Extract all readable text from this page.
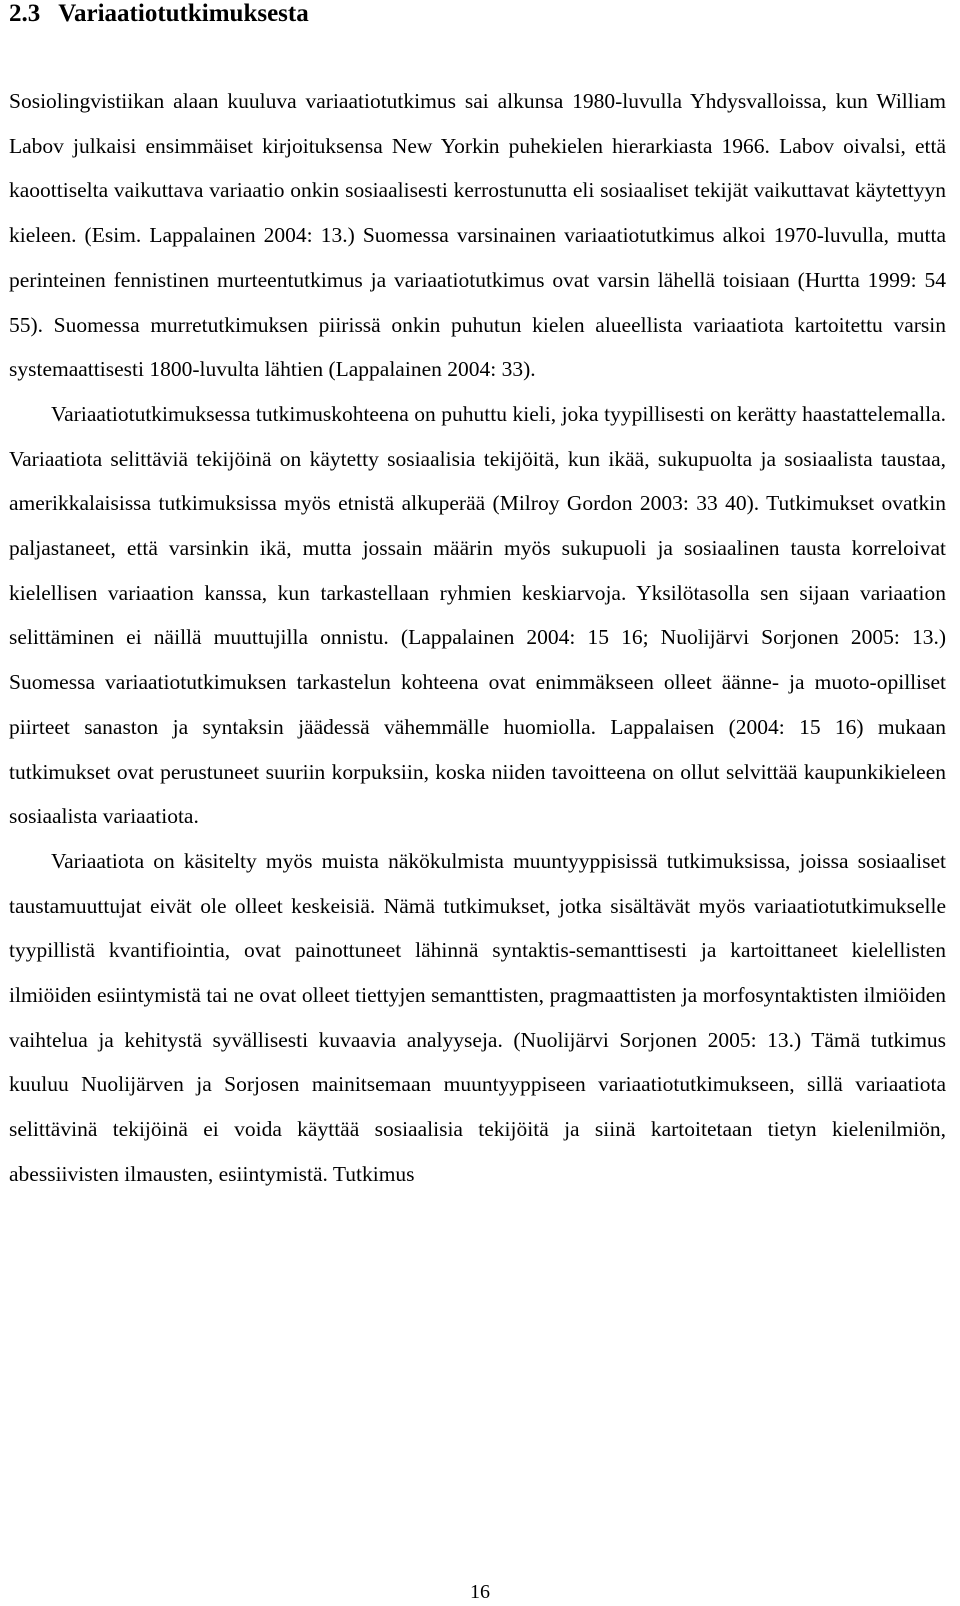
2.3 Variaatiotutkimuksesta

Sosiolingvistiikan alaan kuuluva variaatiotutkimus sai alkunsa 1980-luvulla Yhdysvalloissa, kun William Labov julkaisi ensimmäiset kirjoituksensa New Yorkin puhekielen hierarkiasta 1966. Labov oivalsi, että kaoottiselta vaikuttava variaatio onkin sosiaalisesti kerrostunutta eli sosiaaliset tekijät vaikuttavat käytettyyn kieleen. (Esim. Lappalainen 2004: 13.) Suomessa varsinainen variaatiotutkimus alkoi 1970-luvulla, mutta perinteinen fennistinen murteentutkimus ja variaatiotutkimus ovat varsin lähellä toisiaan (Hurtta 1999: 54 55). Suomessa murretutkimuksen piirissä onkin puhutun kielen alueellista variaatiota kartoitettu varsin systemaattisesti 1800-luvulta lähtien (Lappalainen 2004: 33).

Variaatiotutkimuksessa tutkimuskohteena on puhuttu kieli, joka tyypillisesti on kerätty haastattelemalla. Variaatiota selittäviä tekijöinä on käytetty sosiaalisia tekijöitä, kun ikää, sukupuolta ja sosiaalista taustaa, amerikkalaisissa tutkimuksissa myös etnistä alkuperää (Milroy Gordon 2003: 33 40). Tutkimukset ovatkin paljastaneet, että varsinkin ikä, mutta jossain määrin myös sukupuoli ja sosiaalinen tausta korreloivat kielellisen variaation kanssa, kun tarkastellaan ryhmien keskiarvoja. Yksilötasolla sen sijaan variaation selittäminen ei näillä muuttujilla onnistu. (Lappalainen 2004: 15 16; Nuolijärvi Sorjonen 2005: 13.) Suomessa variaatiotutkimuksen tarkastelun kohteena ovat enimmäkseen olleet äänne- ja muoto-opilliset piirteet sanaston ja syntaksin jäädessä vähemmälle huomiolla. Lappalaisen (2004: 15 16) mukaan tutkimukset ovat perustuneet suuriin korpuksiin, koska niiden tavoitteena on ollut selvittää kaupunkikieleen sosiaalista variaatiota.

Variaatiota on käsitelty myös muista näkökulmista muuntyyppisissä tutkimuksissa, joissa sosiaaliset taustamuuttujat eivät ole olleet keskeisiä. Nämä tutkimukset, jotka sisältävät myös variaatiotutkimukselle tyypillistä kvantifiointia, ovat painottuneet lähinnä syntaktis-semanttisesti ja kartoittaneet kielellisten ilmiöiden esiintymistä tai ne ovat olleet tiettyjen semanttisten, pragmaattisten ja morfosyntaktisten ilmiöiden vaihtelua ja kehitystä syvällisesti kuvaavia analyyseja. (Nuolijärvi Sorjonen 2005: 13.) Tämä tutkimus kuuluu Nuolijärven ja Sorjosen mainitsemaan muuntyyppiseen variaatiotutkimukseen, sillä variaatiota selittävinä tekijöinä ei voida käyttää sosiaalisia tekijöitä ja siinä kartoitetaan tietyn kielenilmiön, abessiivisten ilmausten, esiintymistä. Tutkimus

16
